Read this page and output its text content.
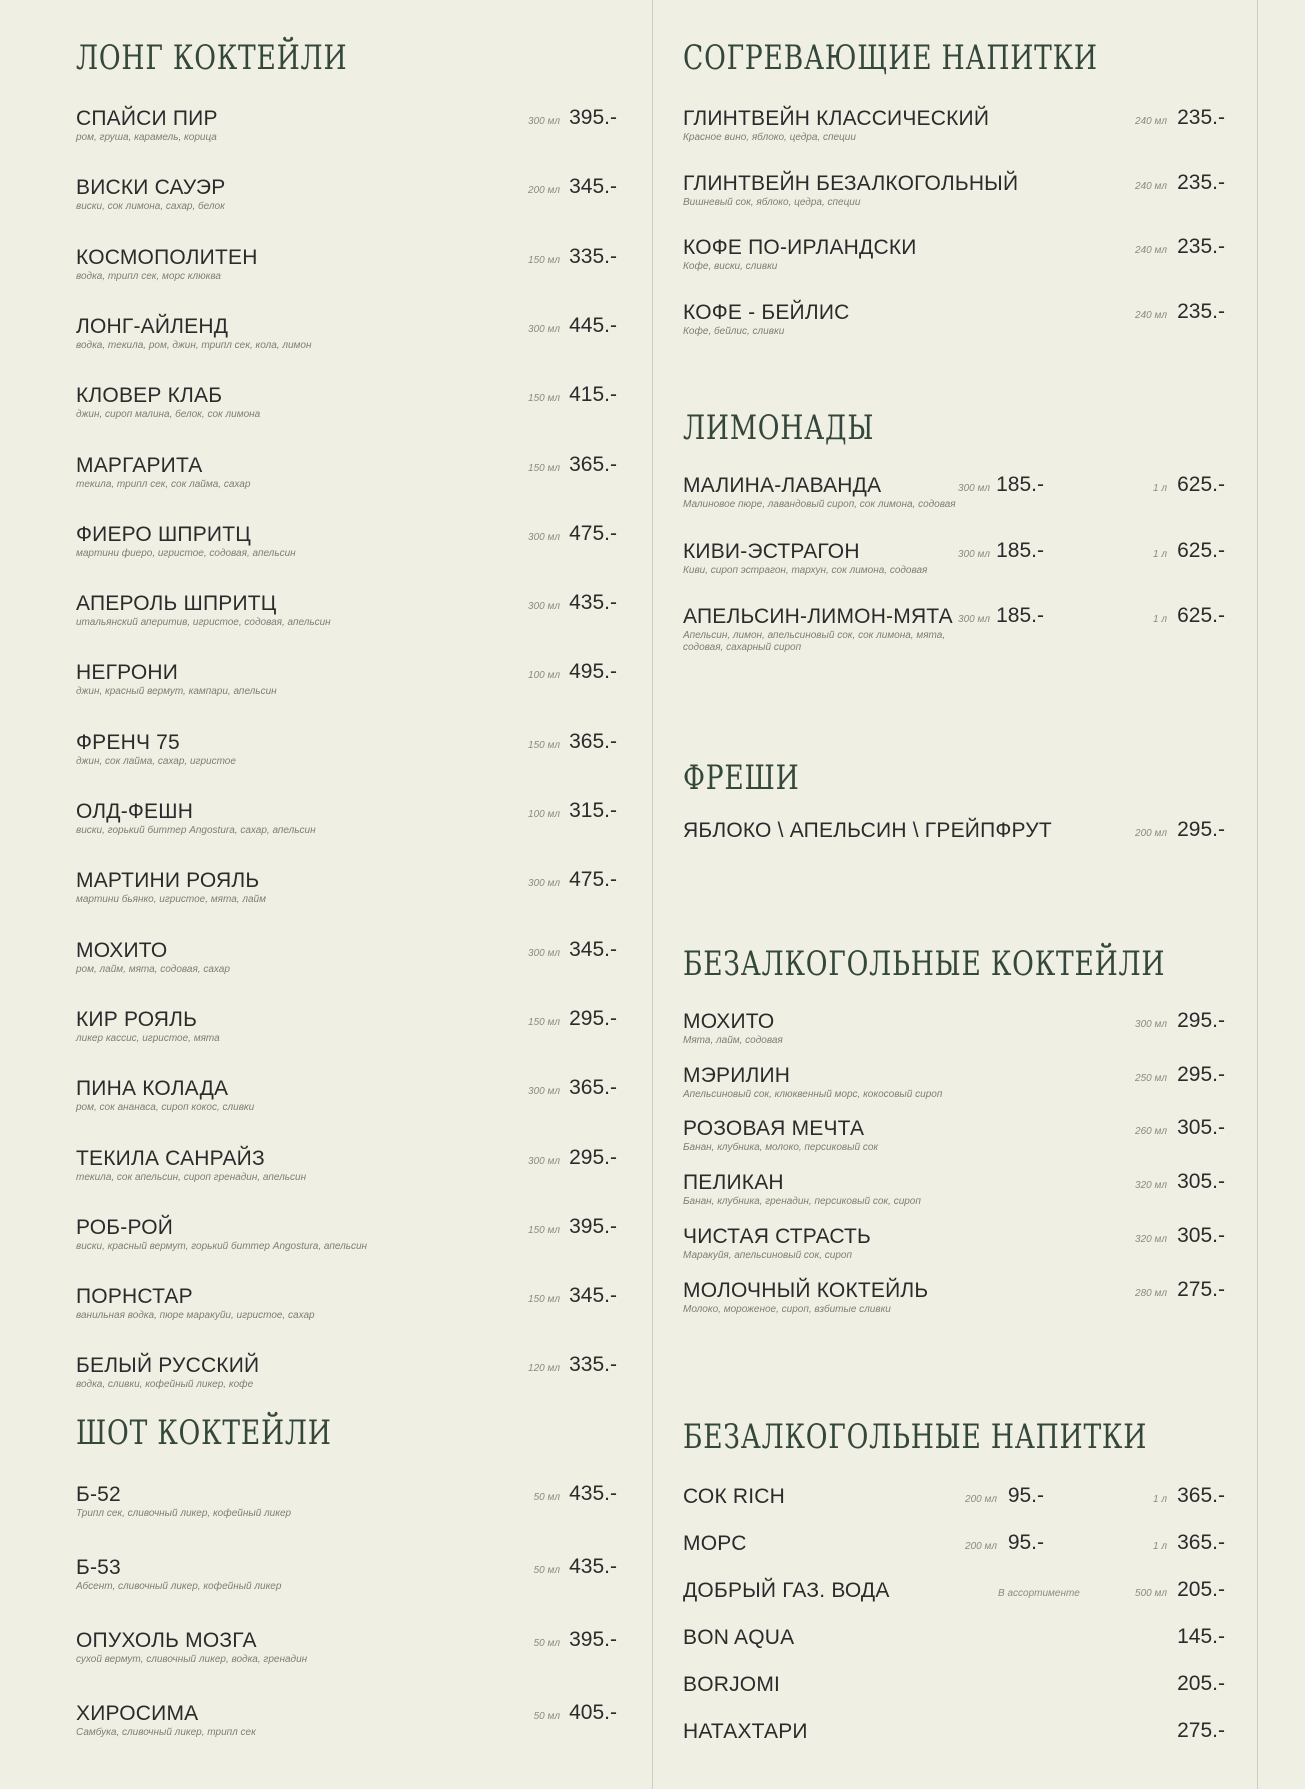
ЛОНГ КОКТЕЙЛИ
СПАЙСИ ПИР
ром, груша, карамель, корица
300 мл 395.-
ВИСКИ САУЭР
виски, сок лимона, сахар, белок
200 мл 345.-
КОСМОПОЛИТЕН
водка, трипл сек, морс клюква
150 мл 335.-
ЛОНГ-АЙЛЕНД
водка, текила, ром, джин, трипл сек, кола, лимон
300 мл 445.-
КЛОВЕР КЛАБ
джин, сироп малина, белок, сок лимона
150 мл 415.-
МАРГАРИТА
текила, трипл сек, сок лайма, сахар
150 мл 365.-
ФИЕРО ШПРИТЦ
мартини фиеро, игристое, содовая, апельсин
300 мл 475.-
АПЕРОЛЬ ШПРИТЦ
итальянский аперитив, игристое, содовая, апельсин
300 мл 435.-
НЕГРОНИ
джин, красный вермут, кампари, апельсин
100 мл 495.-
ФРЕНЧ 75
джин, сок лайма, сахар, игристое
150 мл 365.-
ОЛД-ФЕШН
виски, горький биттер Angostura, сахар, апельсин
100 мл 315.-
МАРТИНИ РОЯЛЬ
мартини бьянко, игристое, мята, лайм
300 мл 475.-
МОХИТО
ром, лайм, мята, содовая, сахар
300 мл 345.-
КИР РОЯЛЬ
ликер кассис, игристое, мята
150 мл 295.-
ПИНА КОЛАДА
ром, сок ананаса, сироп кокос, сливки
300 мл 365.-
ТЕКИЛА САНРАЙЗ
текила, сок апельсин, сироп гренадин, апельсин
300 мл 295.-
РОБ-РОЙ
виски, красный вермут, горький биттер Angostura, апельсин
150 мл 395.-
ПОРНСТАР
ванильная водка, пюре маракуйи, игристое, сахар
150 мл 345.-
БЕЛЫЙ РУССКИЙ
водка, сливки, кофейный ликер, кофе
120 мл 335.-
ШОТ КОКТЕЙЛИ
Б-52
Трипл сек, сливочный ликер, кофейный ликер
50 мл 435.-
Б-53
Абсент, сливочный ликер, кофейный ликер
50 мл 435.-
ОПУХОЛЬ МОЗГА
сухой вермут, сливочный ликер, водка, гренадин
50 мл 395.-
ХИРОСИМА
Самбука, сливочный ликер, трипл сек
50 мл 405.-
СОГРЕВАЮЩИЕ НАПИТКИ
ГЛИНТВЕЙН КЛАССИЧЕСКИЙ
Красное вино, яблоко, цедра, специи
240 мл 235.-
ГЛИНТВЕЙН БЕЗАЛКОГОЛЬНЫЙ
Вишневый сок, яблоко, цедра, специи
240 мл 235.-
КОФЕ ПО-ИРЛАНДСКИ
Кофе, виски, сливки
240 мл 235.-
КОФЕ - БЕЙЛИС
Кофе, бейлис, сливки
240 мл 235.-
ЛИМОНАДЫ
МАЛИНА-ЛАВАНДА
Малиновое пюре, лавандовый сироп, сок лимона, содовая
300 мл 185.-	1 л 625.-
КИВИ-ЭСТРАГОН
Киви, сироп эстрагон, тархун, сок лимона, содовая
300 мл 185.-	1 л 625.-
АПЕЛЬСИН-ЛИМОН-МЯТА
Апельсин, лимон, апельсиновый сок, сок лимона, мята,
содовая, сахарный сироп
300 мл 185.-	1 л 625.-
ФРЕШИ
ЯБЛОКО \ АПЕЛЬСИН \ ГРЕЙПФРУТ	200 мл 295.-
БЕЗАЛКОГОЛЬНЫЕ КОКТЕЙЛИ
МОХИТО
Мята, лайм, содовая
300 мл 295.-
МЭРИЛИН
Апельсиновый сок, клюквенный морс, кокосовый сироп
250 мл 295.-
РОЗОВАЯ МЕЧТА
Банан, клубника, молоко, персиковый сок
260 мл 305.-
ПЕЛИКАН
Банан, клубника, гренадин, персиковый сок, сироп
320 мл 305.-
ЧИСТАЯ СТРАСТЬ
Маракуйя, апельсиновый сок, сироп
320 мл 305.-
МОЛОЧНЫЙ КОКТЕЙЛЬ
Молоко, мороженое, сироп, взбитые сливки
280 мл 275.-
БЕЗАЛКОГОЛЬНЫЕ НАПИТКИ
СОК RICH	200 мл 95.-	1 л 365.-
МОРС	200 мл 95.-	1 л 365.-
ДОБРЫЙ ГАЗ. ВОДА	В ассортименте	500 мл 205.-
BON AQUA	145.-
BORJOMI	205.-
НАТАХТАРИ	275.-
